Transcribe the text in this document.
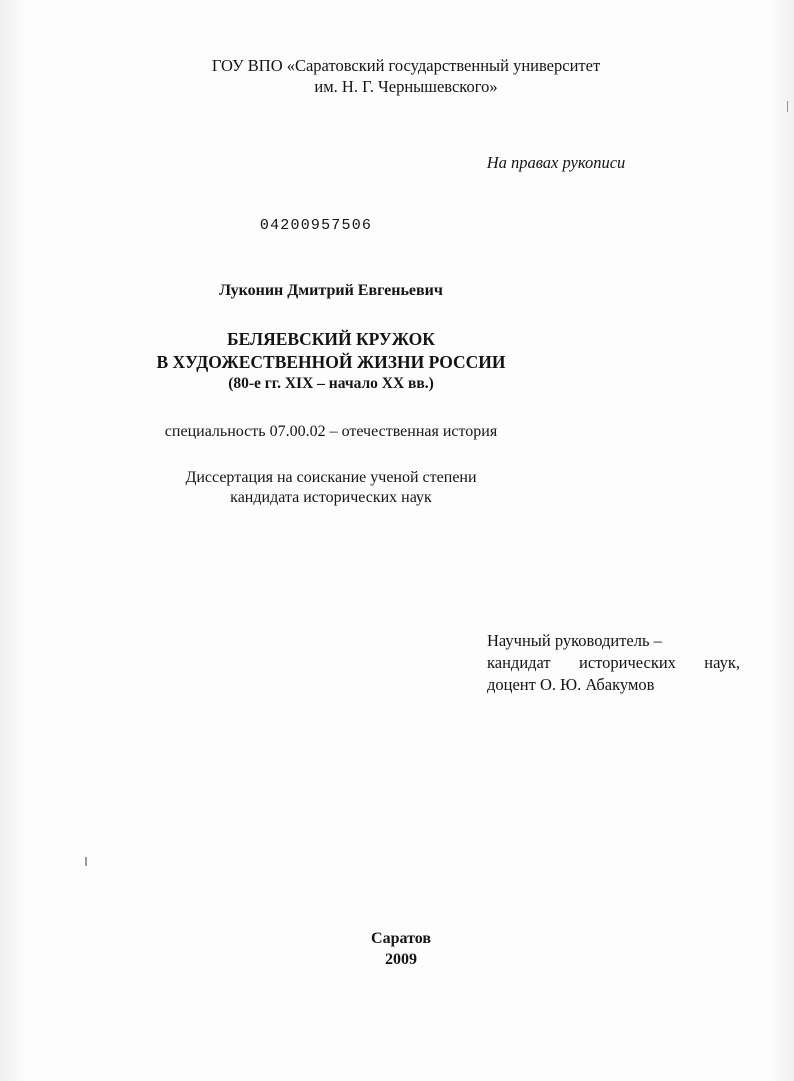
ГОУ ВПО «Саратовский государственный университет
им. Н. Г. Чернышевского»
На правах рукописи
04200957506
Луконин Дмитрий Евгеньевич
БЕЛЯЕВСКИЙ КРУЖОК
В ХУДОЖЕСТВЕННОЙ ЖИЗНИ РОССИИ
(80-е гг. XIX – начало XX вв.)
специальность 07.00.02 – отечественная история
Диссертация на соискание ученой степени
кандидата исторических наук
Научный руководитель –
кандидат исторических наук,
доцент О. Ю. Абакумов
Саратов
2009
